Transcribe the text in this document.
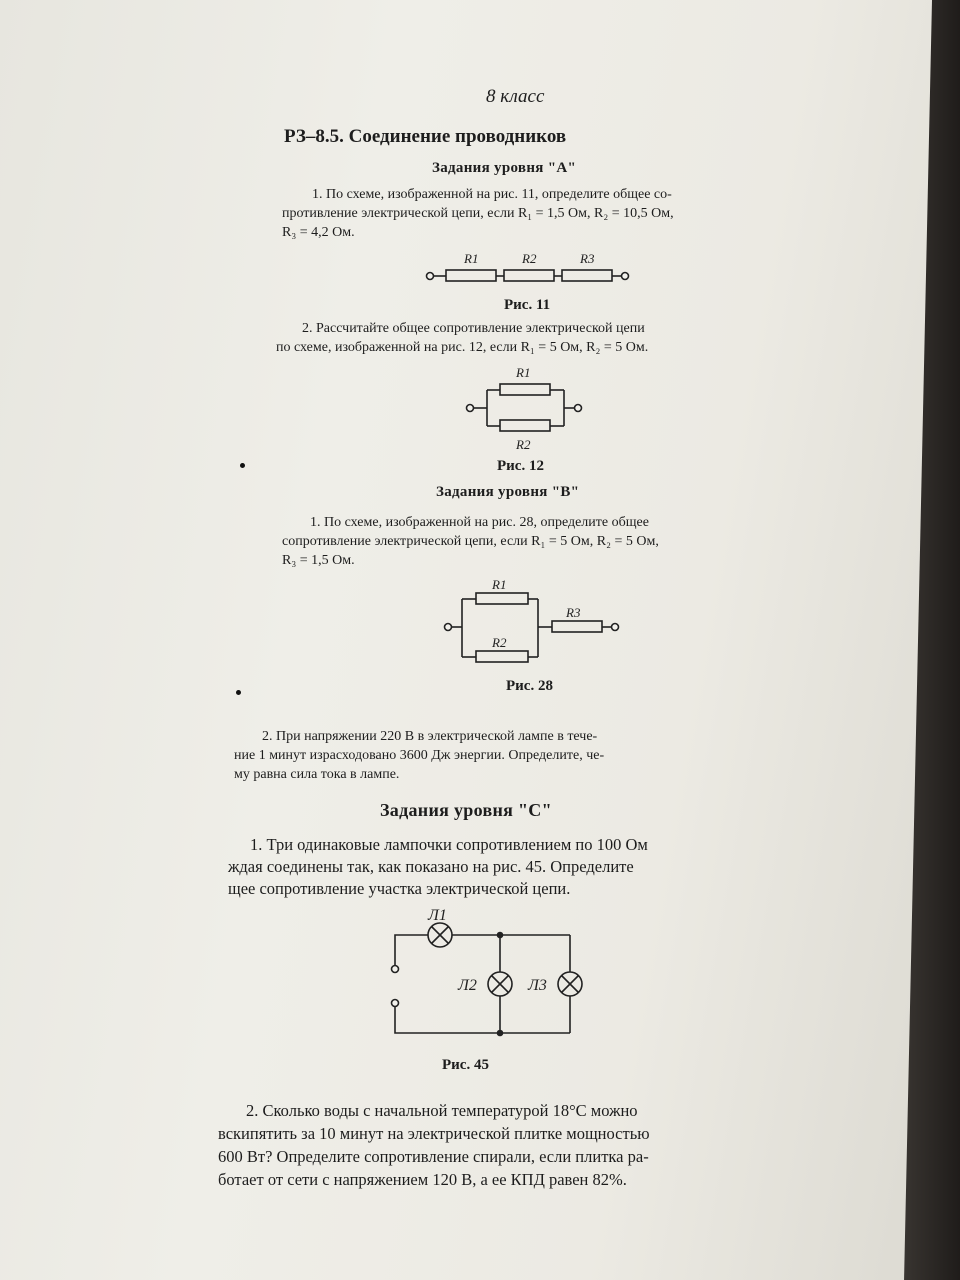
8 класс

РЗ–8.5. Соединение проводников

Задания уровня "А"

1. По схеме, изображенной на рис. 11, определите общее со-

противление электрической цепи, если R₁ = 1,5 Ом, R₂ = 10,5 Ом,

R₃ = 4,2 Ом.

R1	R2	R3

Рис. 11

2. Рассчитайте общее сопротивление электрической цепи

по схеме, изображенной на рис. 12, если R₁ = 5 Ом, R₂ = 5 Ом.

R1
R2

Рис. 12

Задания уровня "В"

1. По схеме, изображенной на рис. 28, определите общее

сопротивление электрической цепи, если R₁ = 5 Ом, R₂ = 5 Ом,

R₃ = 1,5 Ом.

R1
R3
R2

Рис. 28

2. При напряжении 220 В в электрической лампе в тече-

ние 1 минут израсходовано 3600 Дж энергии. Определите, че-

му равна сила тока в лампе.

Задания уровня "С"

1. Три одинаковые лампочки сопротивлением по 100 Ом

ждая соединены так, как показано на рис. 45. Определите

щее сопротивление участка электрической цепи.

Л1
Л2	Л3

Рис. 45

2. Сколько воды с начальной температурой 18°С можно

вскипятить за 10 минут на электрической плитке мощностью

600 Вт? Определите сопротивление спирали, если плитка ра-

ботает от сети с напряжением 120 В, а ее КПД равен 82%.
